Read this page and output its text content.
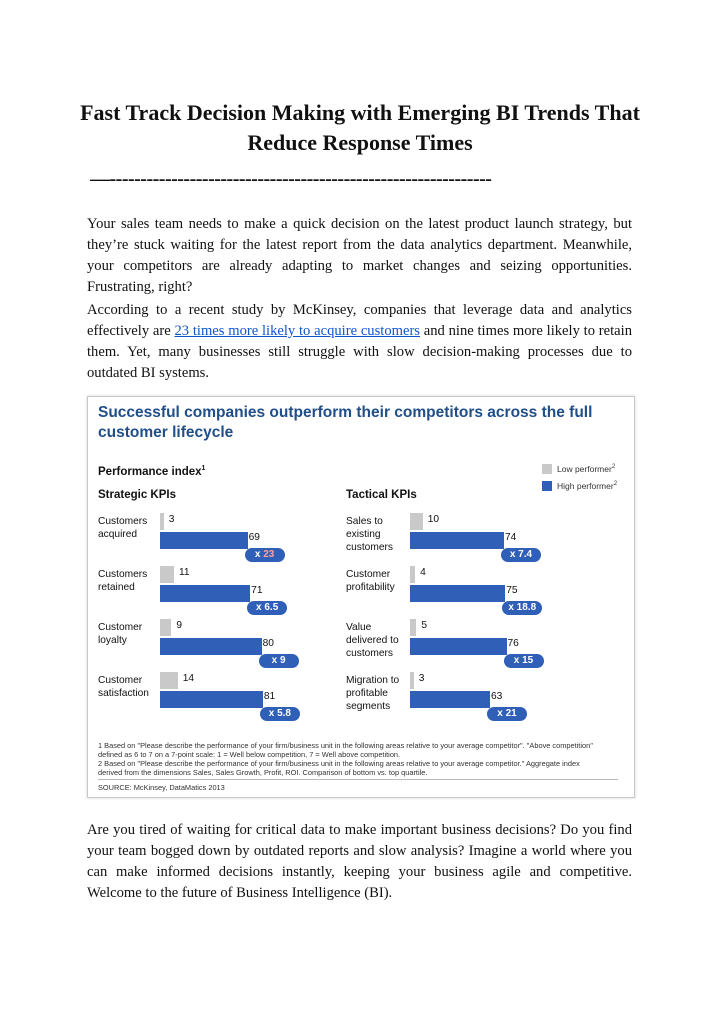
Fast Track Decision Making with Emerging BI Trends That Reduce Response Times
—--------------------------------------------------------------

Your sales team needs to make a quick decision on the latest product launch strategy, but they’re stuck waiting for the latest report from the data analytics department. Meanwhile, your competitors are already adapting to market changes and seizing opportunities. Frustrating, right?

According to a recent study by McKinsey, companies that leverage data and analytics effectively are 23 times more likely to acquire customers and nine times more likely to retain them. Yet, many businesses still struggle with slow decision-making processes due to outdated BI systems.

Successful companies outperform their competitors across the full customer lifecycle
Performance index$^1$
Strategic KPIs	Tactical KPIs
Low performer$^2$
High performer$^2$
Customers acquired
3
69
x 23
Customers retained
11
71
x 6.5
Customer loyalty
9
80
x 9
Customer satisfaction
14
81
x 5.8
Sales to existing customers
10
74
x 7.4
Customer profitability
4
75
x 18.8
Value delivered to customers
5
76
x 15
Migration to profitable segments
3
63
x 21
1 Based on "Please describe the performance of your firm/business unit in the following areas relative to your average competitor". "Above competition"
defined as 6 to 7 on a 7-point scale: 1 = Well below competition, 7 = Well above competition.
2 Based on "Please describe the performance of your firm/business unit in the following areas relative to your average competitor." Aggregate index
derived from the dimensions Sales, Sales Growth, Profit, ROI. Comparison of bottom vs. top quartile.
SOURCE: McKinsey, DataMatics 2013

Are you tired of waiting for critical data to make important business decisions? Do you find your team bogged down by outdated reports and slow analysis? Imagine a world where you can make informed decisions instantly, keeping your business agile and competitive. Welcome to the future of Business Intelligence (BI).
